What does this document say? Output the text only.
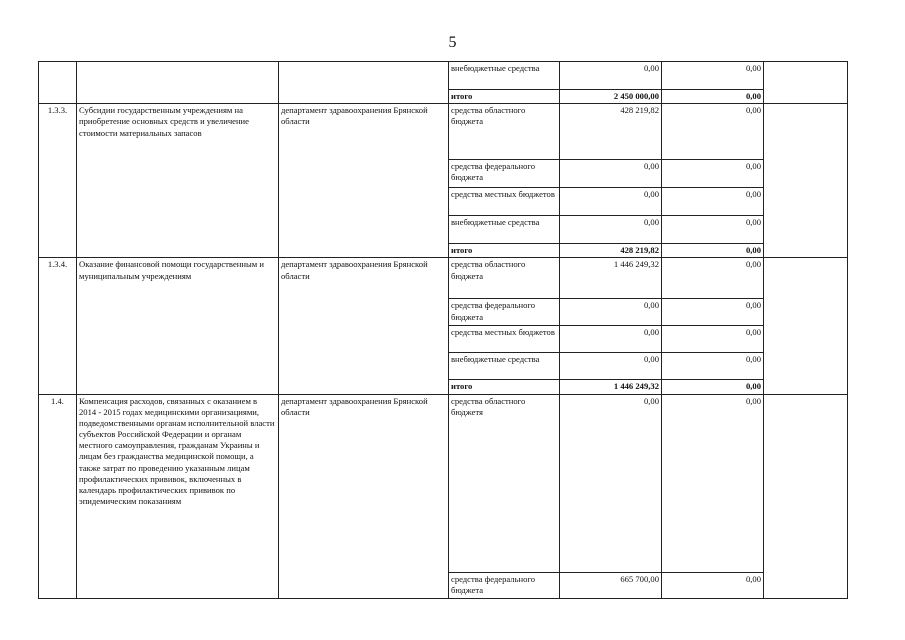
5
			внебюджетные средства	0,00	0,00	
			итого	2 450 000,00	0,00	
1.3.3.	Субсидии государственным учреждениям на приобретение основных средств и увеличение стоимости материальных запасов	департамент здравоохранения Брянской области	средства областного бюджета	428 219,82	0,00	
			средства федерального бюджета	0,00	0,00	
			средства местных бюджетов	0,00	0,00	
			внебюджетные средства	0,00	0,00	
			итого	428 219,82	0,00	
1.3.4.	Оказание финансовой помощи государственным и муниципальным учреждениям	департамент здравоохранения Брянской области	средства областного бюджета	1 446 249,32	0,00	
			средства федерального бюджета	0,00	0,00	
			средства местных бюджетов	0,00	0,00	
			внебюджетные средства	0,00	0,00	
			итого	1 446 249,32	0,00	
1.4.	Компенсация расходов, связанных с оказанием в 2014 - 2015 годах медицинскими организациями, подведомственными органам исполнительной власти субъектов Российской Федерации и органам местного самоуправления, гражданам Украины и лицам без гражданства медицинской помощи, а также затрат по проведению указанным лицам профилактических прививок, включенных в календарь профилактических прививок по эпидемическим показаниям	департамент здравоохранения Брянской области	средства областного бюджетя	0,00	0,00	
			средства федерального бюджета	665 700,00	0,00	
